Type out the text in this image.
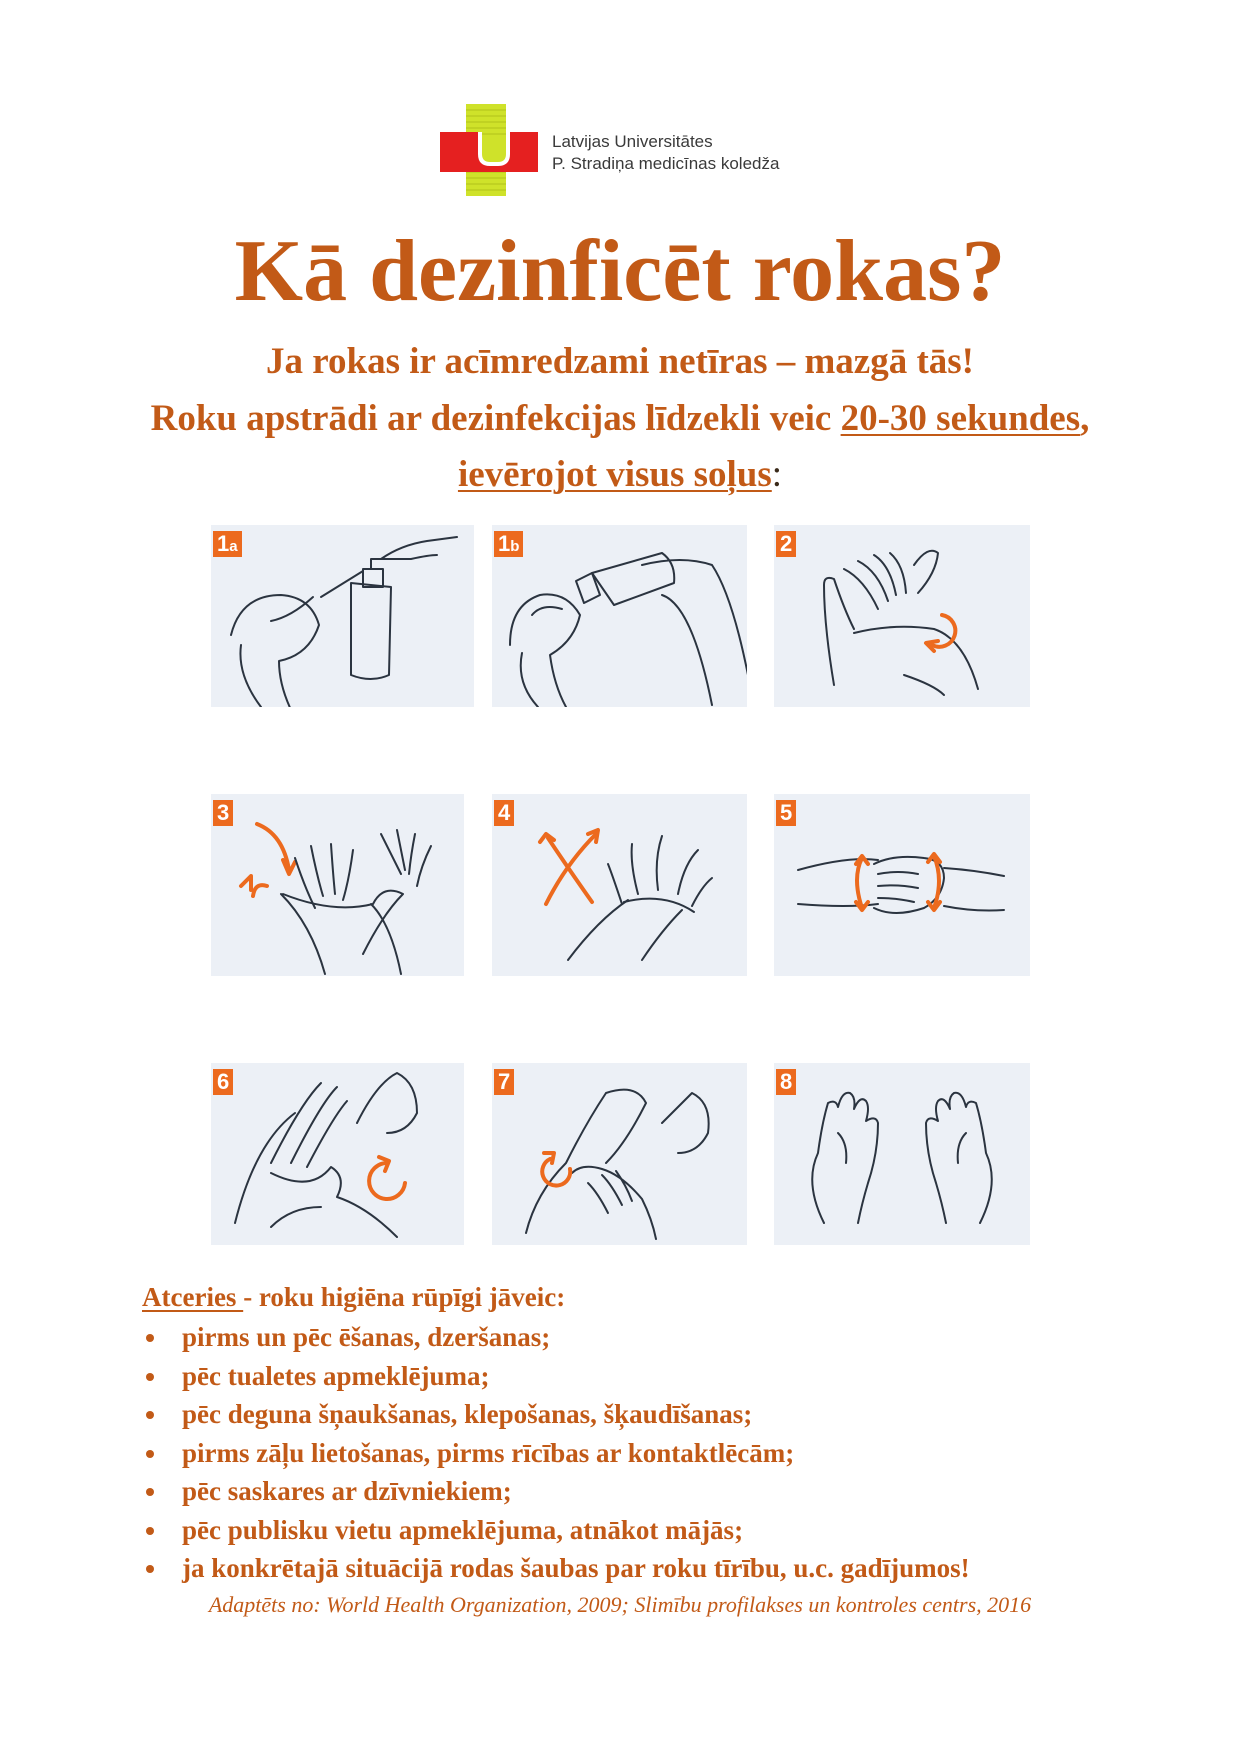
Latvijas Universitātes
P. Stradiņa medicīnas koledža
Kā dezinficēt rokas?
Ja rokas ir acīmredzami netīras – mazgā tās!
Roku apstrādi ar dezinfekcijas līdzekli veic 20-30 sekundes,
ievērojot visus soļus:
1a	1b	2
3	4	5
6	7	8
Atceries - roku higiēna rūpīgi jāveic:
pirms un pēc ēšanas, dzeršanas;
pēc tualetes apmeklējuma;
pēc deguna šņaukšanas, klepošanas, šķaudīšanas;
pirms zāļu lietošanas, pirms rīcības ar kontaktlēcām;
pēc saskares ar dzīvniekiem;
pēc publisku vietu apmeklējuma, atnākot mājās;
ja konkrētajā situācijā rodas šaubas par roku tīrību, u.c. gadījumos!
Adaptēts no: World Health Organization, 2009; Slimību profilakses un kontroles centrs, 2016
